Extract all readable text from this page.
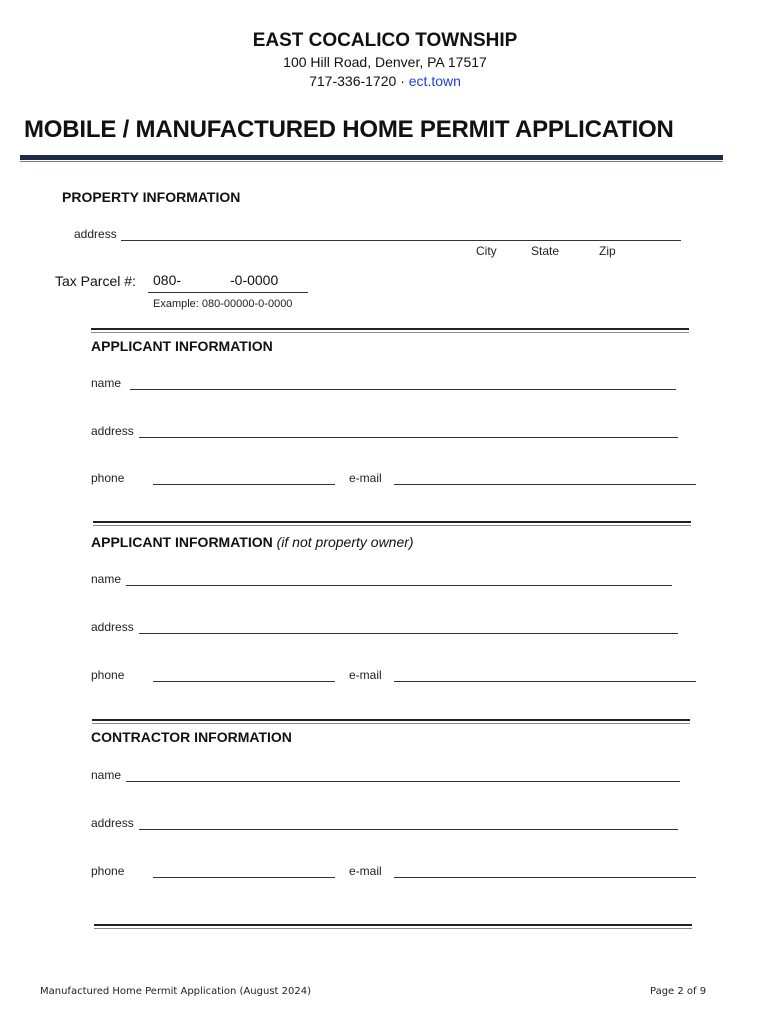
EAST COCALICO TOWNSHIP
100 Hill Road, Denver, PA 17517
717-336-1720 · ect.town
MOBILE / MANUFACTURED HOME PERMIT APPLICATION
PROPERTY INFORMATION
address
City	State	Zip
Tax Parcel #: 080-	-0-0000
Example: 080-00000-0-0000
APPLICANT INFORMATION
name
address
phone	e-mail
APPLICANT INFORMATION (if not property owner)
name
address
phone	e-mail
CONTRACTOR INFORMATION
name
address
phone	e-mail
Manufactured Home Permit Application (August 2024)	Page 2 of 9
